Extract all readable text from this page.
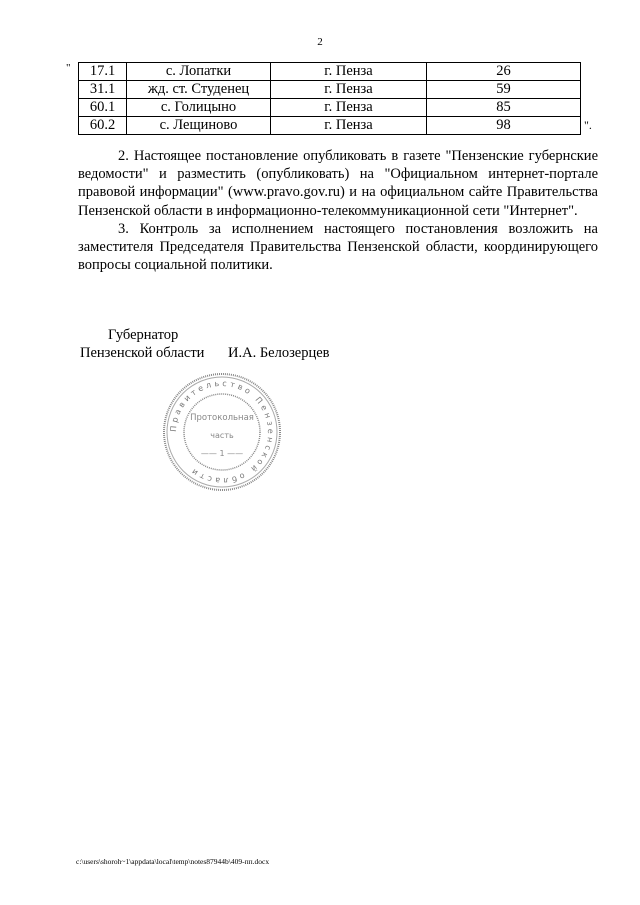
2
" 17.1	с. Лопатки	г. Пенза	26
31.1	жд. ст. Студенец	г. Пенза	59
60.1	с. Голицыно	г. Пенза	85
60.2	с. Лещиново	г. Пенза	98	".

2. Настоящее постановление опубликовать в газете "Пензенские губернские ведомости" и разместить (опубликовать) на "Официальном интернет-портале правовой информации" (www.pravo.gov.ru) и на официальном сайте Правительства Пензенской области в информационно-телекоммуникационной сети "Интернет".

3. Контроль за исполнением настоящего постановления возложить на заместителя Председателя Правительства Пензенской области, координирующего вопросы социальной политики.

Губернатор
Пензенской области И.А. Белозерцев
Правительство Пензенской области
Протокольная
часть
—— 1 ——
c:\users\shoroh~1\appdata\local\temp\notes87944b\409-пп.docx
